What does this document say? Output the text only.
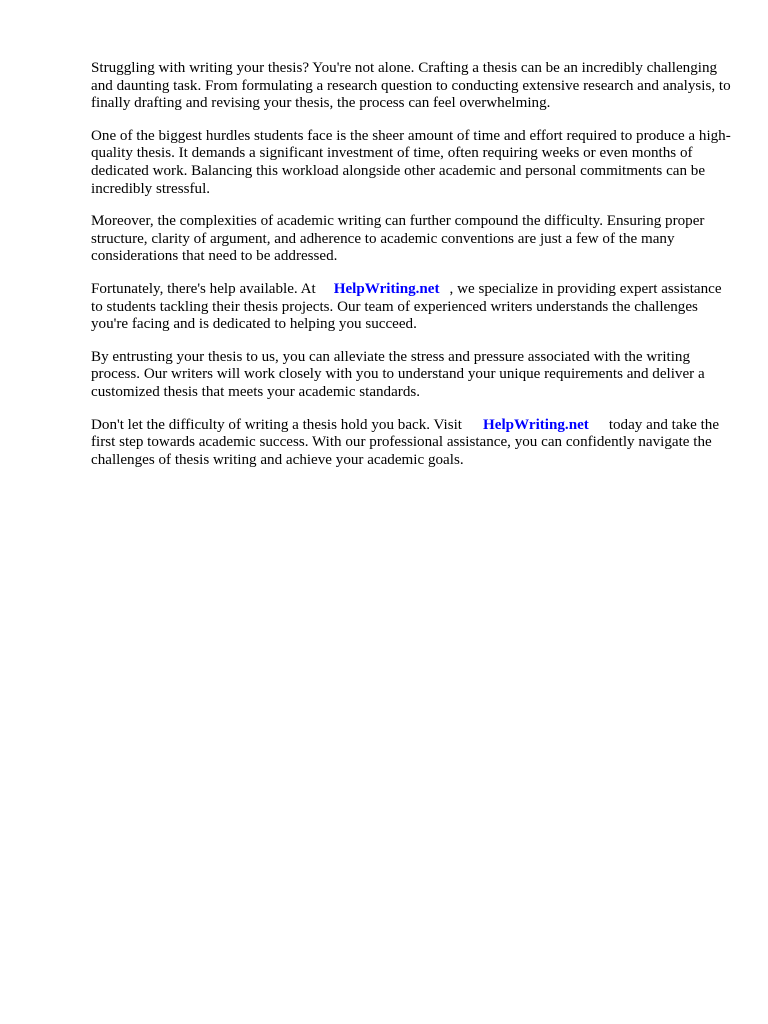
Struggling with writing your thesis? You're not alone. Crafting a thesis can be an incredibly challenging and daunting task. From formulating a research question to conducting extensive research and analysis, to finally drafting and revising your thesis, the process can feel overwhelming.

One of the biggest hurdles students face is the sheer amount of time and effort required to produce a high-quality thesis. It demands a significant investment of time, often requiring weeks or even months of dedicated work. Balancing this workload alongside other academic and personal commitments can be incredibly stressful.

Moreover, the complexities of academic writing can further compound the difficulty. Ensuring proper structure, clarity of argument, and adherence to academic conventions are just a few of the many considerations that need to be addressed.

Fortunately, there's help available. At HelpWriting.net , we specialize in providing expert assistance to students tackling their thesis projects. Our team of experienced writers understands the challenges you're facing and is dedicated to helping you succeed.

By entrusting your thesis to us, you can alleviate the stress and pressure associated with the writing process. Our writers will work closely with you to understand your unique requirements and deliver a customized thesis that meets your academic standards.

Don't let the difficulty of writing a thesis hold you back. Visit HelpWriting.net today and take the first step towards academic success. With our professional assistance, you can confidently navigate the challenges of thesis writing and achieve your academic goals.
